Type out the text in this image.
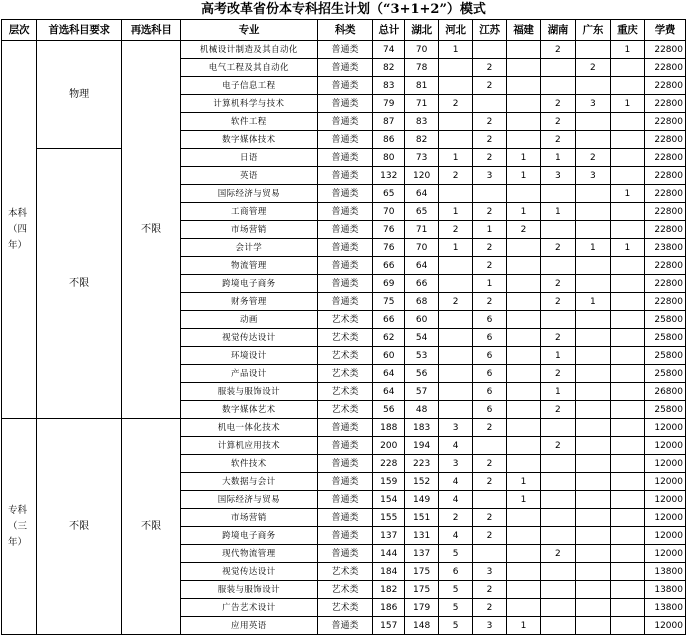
高考改革省份本专科招生计划（“3+1+2”）模式
层次	首选科目要求	再选科目	专业	科类	总计	湖北	河北	江苏	福建	湖南	广东	重庆	学费

本科
（四
年）	物理	不限	机械设计制造及其自动化	普通类	74	70	1			2		1	22800
			电气工程及其自动化	普通类	82	78		2			2		22800
			电子信息工程	普通类	83	81		2					22800
			计算机科学与技术	普通类	79	71	2			2	3	1	22800
			软件工程	普通类	87	83		2		2			22800
			数字媒体技术	普通类	86	82		2		2			22800
	不限		日语	普通类	80	73	1	2	1	1	2		22800
			英语	普通类	132	120	2	3	1	3	3		22800
			国际经济与贸易	普通类	65	64						1	22800
			工商管理	普通类	70	65	1	2	1	1			22800
			市场营销	普通类	76	71	2	1	2				22800
			会计学	普通类	76	70	1	2		2	1	1	23800
			物流管理	普通类	66	64		2					22800
			跨境电子商务	普通类	69	66		1		2			22800
			财务管理	普通类	75	68	2	2		2	1		22800
			动画	艺术类	66	60		6					25800
			视觉传达设计	艺术类	62	54		6		2			25800
			环境设计	艺术类	60	53		6		1			25800
			产品设计	艺术类	64	56		6		2			25800
			服装与服饰设计	艺术类	64	57		6		1			26800
			数字媒体艺术	艺术类	56	48		6		2			25800

专科
（三
年）	不限	不限	机电一体化技术	普通类	188	183	3	2					12000
			计算机应用技术	普通类	200	194	4			2			12000
			软件技术	普通类	228	223	3	2					12000
			大数据与会计	普通类	159	152	4	2	1				12000
			国际经济与贸易	普通类	154	149	4		1				12000
			市场营销	普通类	155	151	2	2					12000
			跨境电子商务	普通类	137	131	4	2					12000
			现代物流管理	普通类	144	137	5			2			12000
			视觉传达设计	艺术类	184	175	6	3					13800
			服装与服饰设计	艺术类	182	175	5	2					13800
			广告艺术设计	艺术类	186	179	5	2					13800
			应用英语	普通类	157	148	5	3	1				12000
